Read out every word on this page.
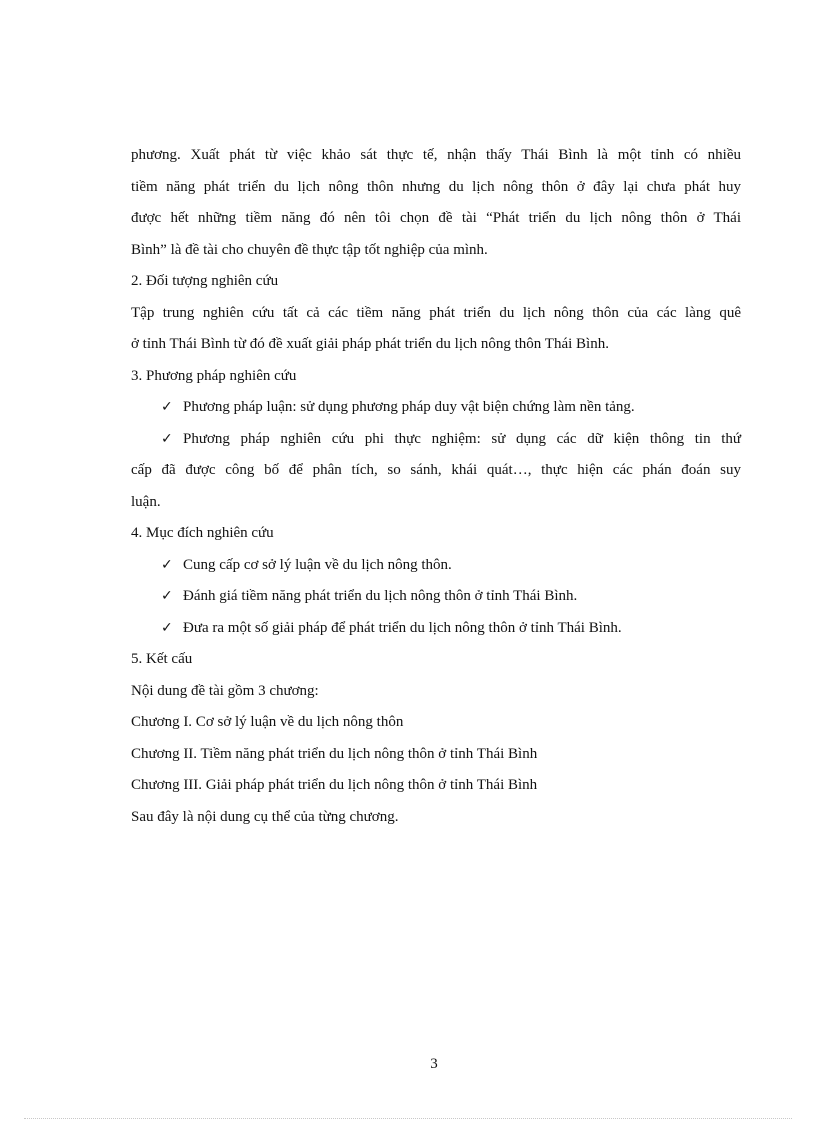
phương. Xuất phát từ việc khảo sát thực tế, nhận thấy Thái Bình là một tỉnh có nhiều
tiềm năng phát triển du lịch nông thôn nhưng du lịch nông thôn ở đây lại chưa phát huy
được hết những tiềm năng đó nên tôi chọn đề tài “Phát triển du lịch nông thôn ở Thái
Bình” là đề tài cho chuyên đề thực tập tốt nghiệp của mình.
2. Đối tượng nghiên cứu
Tập trung nghiên cứu tất cả các tiềm năng phát triển du lịch nông thôn của các làng quê
ở tỉnh Thái Bình từ đó đề xuất giải pháp phát triển du lịch nông thôn Thái Bình.
3. Phương pháp nghiên cứu
✓ Phương pháp luận: sử dụng phương pháp duy vật biện chứng làm nền tảng.
✓ Phương pháp nghiên cứu phi thực nghiệm: sử dụng các dữ kiện thông tin thứ
cấp đã được công bố để phân tích, so sánh, khái quát…, thực hiện các phán đoán suy
luận.
4. Mục đích nghiên cứu
✓ Cung cấp cơ sở lý luận về du lịch nông thôn.
✓ Đánh giá tiềm năng phát triển du lịch nông thôn ở tỉnh Thái Bình.
✓ Đưa ra một số giải pháp để phát triển du lịch nông thôn ở tỉnh Thái Bình.
5. Kết cấu
Nội dung đề tài gồm 3 chương:
Chương I. Cơ sở lý luận về du lịch nông thôn
Chương II. Tiềm năng phát triển du lịch nông thôn ở tỉnh Thái Bình
Chương III. Giải pháp phát triển du lịch nông thôn ở tỉnh Thái Bình
Sau đây là nội dung cụ thể của từng chương.
3
